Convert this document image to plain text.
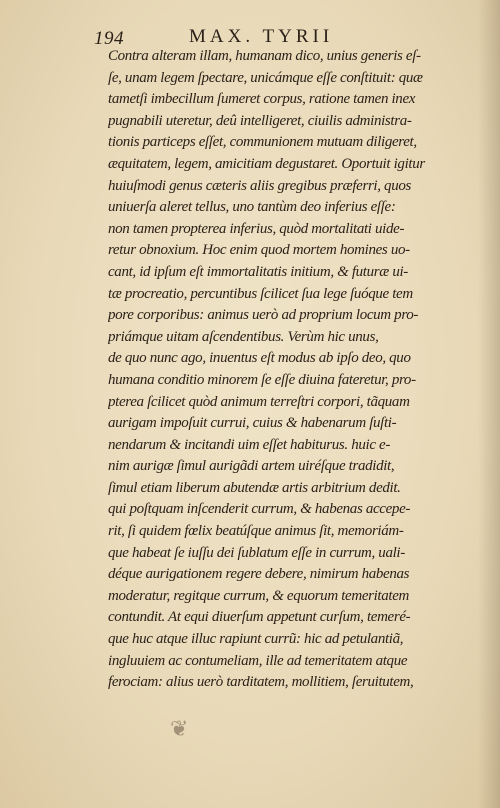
194	MAX. TYRII
Contra alteram illam, humanam dico, unius generis eſ-
ſe, unam legem ſpectare, unicámque eſſe conſtituit: quæ
tametſi imbecillum ſumeret corpus, ratione tamen inex
pugnabili uteretur, deû intelligeret, ciuilis administra-
tionis particeps eſſet, communionem mutuam diligeret,
æquitatem, legem, amicitiam degustaret. Oportuit igitur
huiuſmodi genus cæteris aliis gregibus præferri, quos
uniuerſa aleret tellus, uno tantùm deo inferius eſſe:
non tamen propterea inferius, quòd mortalitati uide-
retur obnoxium. Hoc enim quod mortem homines uo-
cant, id ipſum eſt immortalitatis initium, & futuræ ui-
tæ procreatio, percuntibus ſcilicet ſua lege ſuóque tem
pore corporibus: animus uerò ad proprium locum pro-
priámque uitam aſcendentibus. Verùm hic unus,
de quo nunc ago, inuentus eſt modus ab ipſo deo, quo
humana conditio minorem ſe eſſe diuina fateretur, pro-
pterea ſcilicet quòd animum terreſtri corpori, tãquam
aurigam impoſuit currui, cuius & habenarum ſuſti-
nendarum & incitandi uim eſſet habiturus. huic e-
nim aurigæ ſimul aurigãdi artem uiréſque tradidit,
ſimul etiam liberum abutendæ artis arbitrium dedit.
qui poſtquam inſcenderit currum, & habenas accepe-
rit, ſi quidem fœlix beatúſque animus ſit, memoriám-
que habeat ſe iuſſu dei ſublatum eſſe in currum, uali-
déque aurigationem regere debere, nimirum habenas
moderatur, regitque currum, & equorum temeritatem
contundit. At equi diuerſum appetunt curſum, temeré-
que huc atque illuc rapiunt currũ: hic ad petulantiã,
ingluuiem ac contumeliam, ille ad temeritatem atque
ferociam: alius uerò tarditatem, mollitiem, ſeruitutem,
❦
